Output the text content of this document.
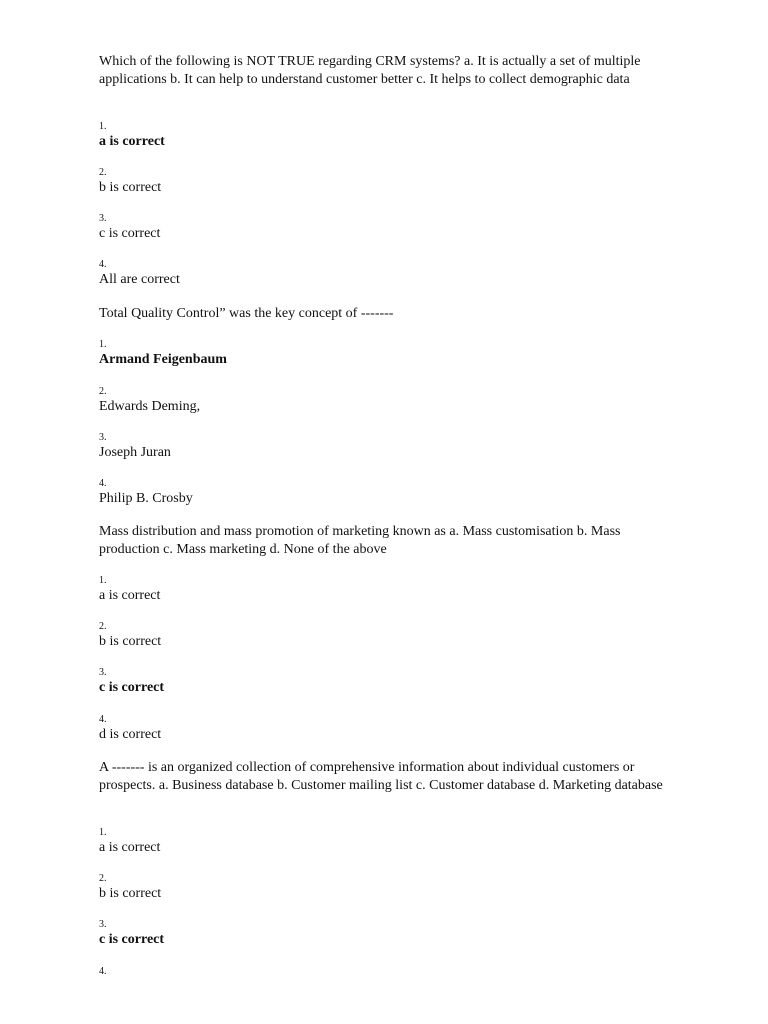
Which of the following is NOT TRUE regarding CRM systems? a. It is actually a set of multiple applications b. It can help to understand customer better c. It helps to collect demographic data
1.
a is correct
2.
b is correct
3.
c is correct
4.
All are correct
Total Quality Control” was the key concept of -------
1.
Armand Feigenbaum
2.
Edwards Deming,
3.
Joseph Juran
4.
Philip B. Crosby
Mass distribution and mass promotion of marketing known as a. Mass customisation b. Mass production c. Mass marketing d. None of the above
1.
a is correct
2.
b is correct
3.
c is correct
4.
d is correct
A ------- is an organized collection of comprehensive information about individual customers or prospects. a. Business database b. Customer mailing list c. Customer database d. Marketing database
1.
a is correct
2.
b is correct
3.
c is correct
4.
